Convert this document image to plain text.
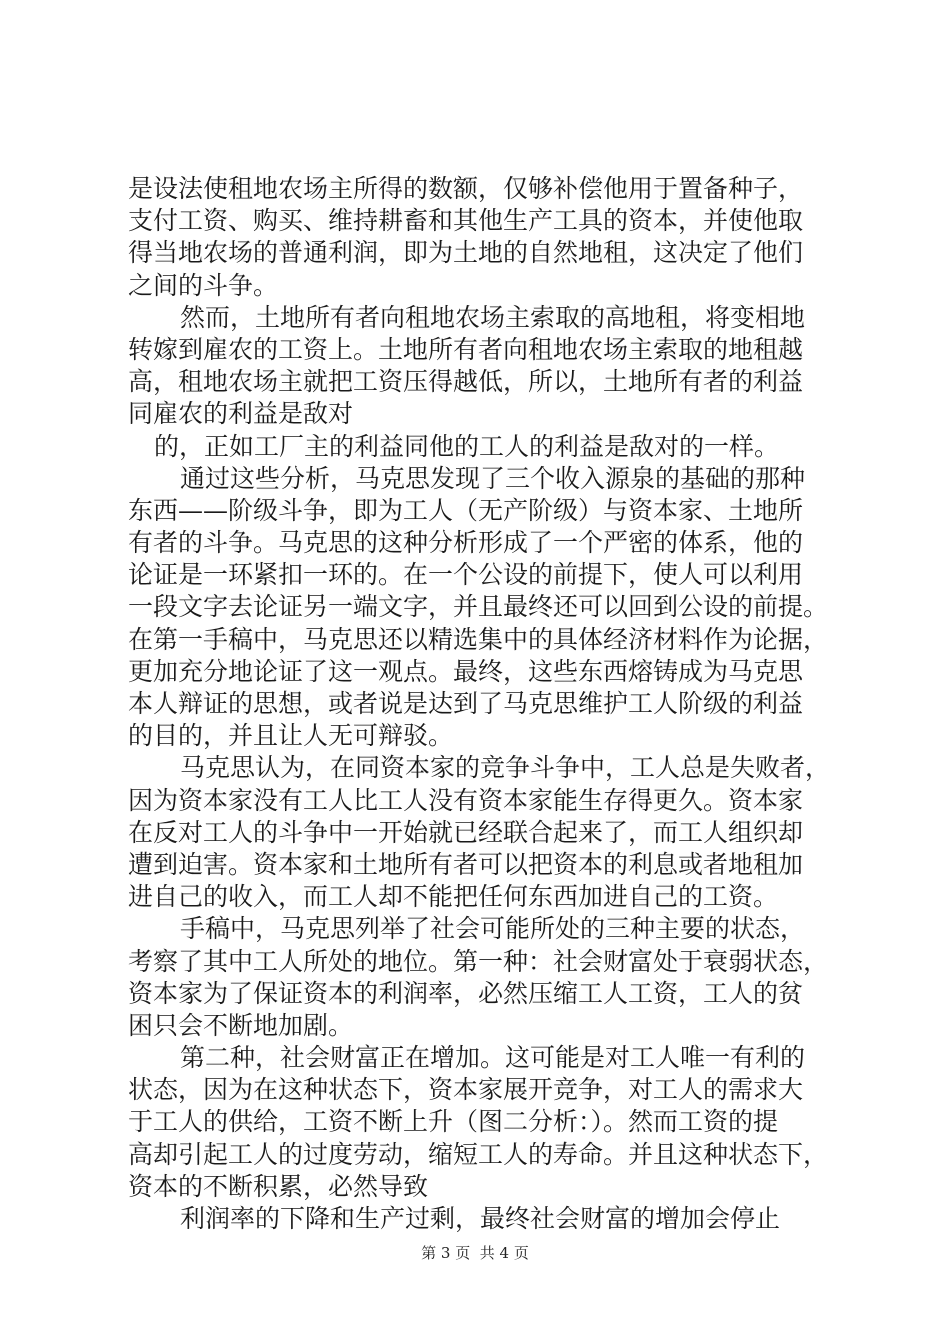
是设法使租地农场主所得的数额，仅够补偿他用于置备种子，
支付工资、购买、维持耕畜和其他生产工具的资本，并使他取
得当地农场的普通利润，即为土地的自然地租，这决定了他们
之间的斗争。
然而，土地所有者向租地农场主索取的高地租，将变相地
转嫁到雇农的工资上。土地所有者向租地农场主索取的地租越
高，租地农场主就把工资压得越低，所以，土地所有者的利益
同雇农的利益是敌对
的，正如工厂主的利益同他的工人的利益是敌对的一样。
通过这些分析，马克思发现了三个收入源泉的基础的那种
东西——阶级斗争，即为工人（无产阶级）与资本家、土地所
有者的斗争。马克思的这种分析形成了一个严密的体系，他的
论证是一环紧扣一环的。在一个公设的前提下，使人可以利用
一段文字去论证另一端文字，并且最终还可以回到公设的前提。
在第一手稿中，马克思还以精选集中的具体经济材料作为论据，
更加充分地论证了这一观点。最终，这些东西熔铸成为马克思
本人辩证的思想，或者说是达到了马克思维护工人阶级的利益
的目的，并且让人无可辩驳。
马克思认为，在同资本家的竞争斗争中，工人总是失败者，
因为资本家没有工人比工人没有资本家能生存得更久。资本家
在反对工人的斗争中一开始就已经联合起来了，而工人组织却
遭到迫害。资本家和土地所有者可以把资本的利息或者地租加
进自己的收入，而工人却不能把任何东西加进自己的工资。
手稿中，马克思列举了社会可能所处的三种主要的状态，
考察了其中工人所处的地位。第一种：社会财富处于衰弱状态，
资本家为了保证资本的利润率，必然压缩工人工资，工人的贫
困只会不断地加剧。
第二种，社会财富正在增加。这可能是对工人唯一有利的
状态，因为在这种状态下，资本家展开竞争，对工人的需求大
于工人的供给，工资不断上升（图二分析：）。然而工资的提
高却引起工人的过度劳动，缩短工人的寿命。并且这种状态下，
资本的不断积累，必然导致
利润率的下降和生产过剩，最终社会财富的增加会停止
第 3 页  共 4 页
